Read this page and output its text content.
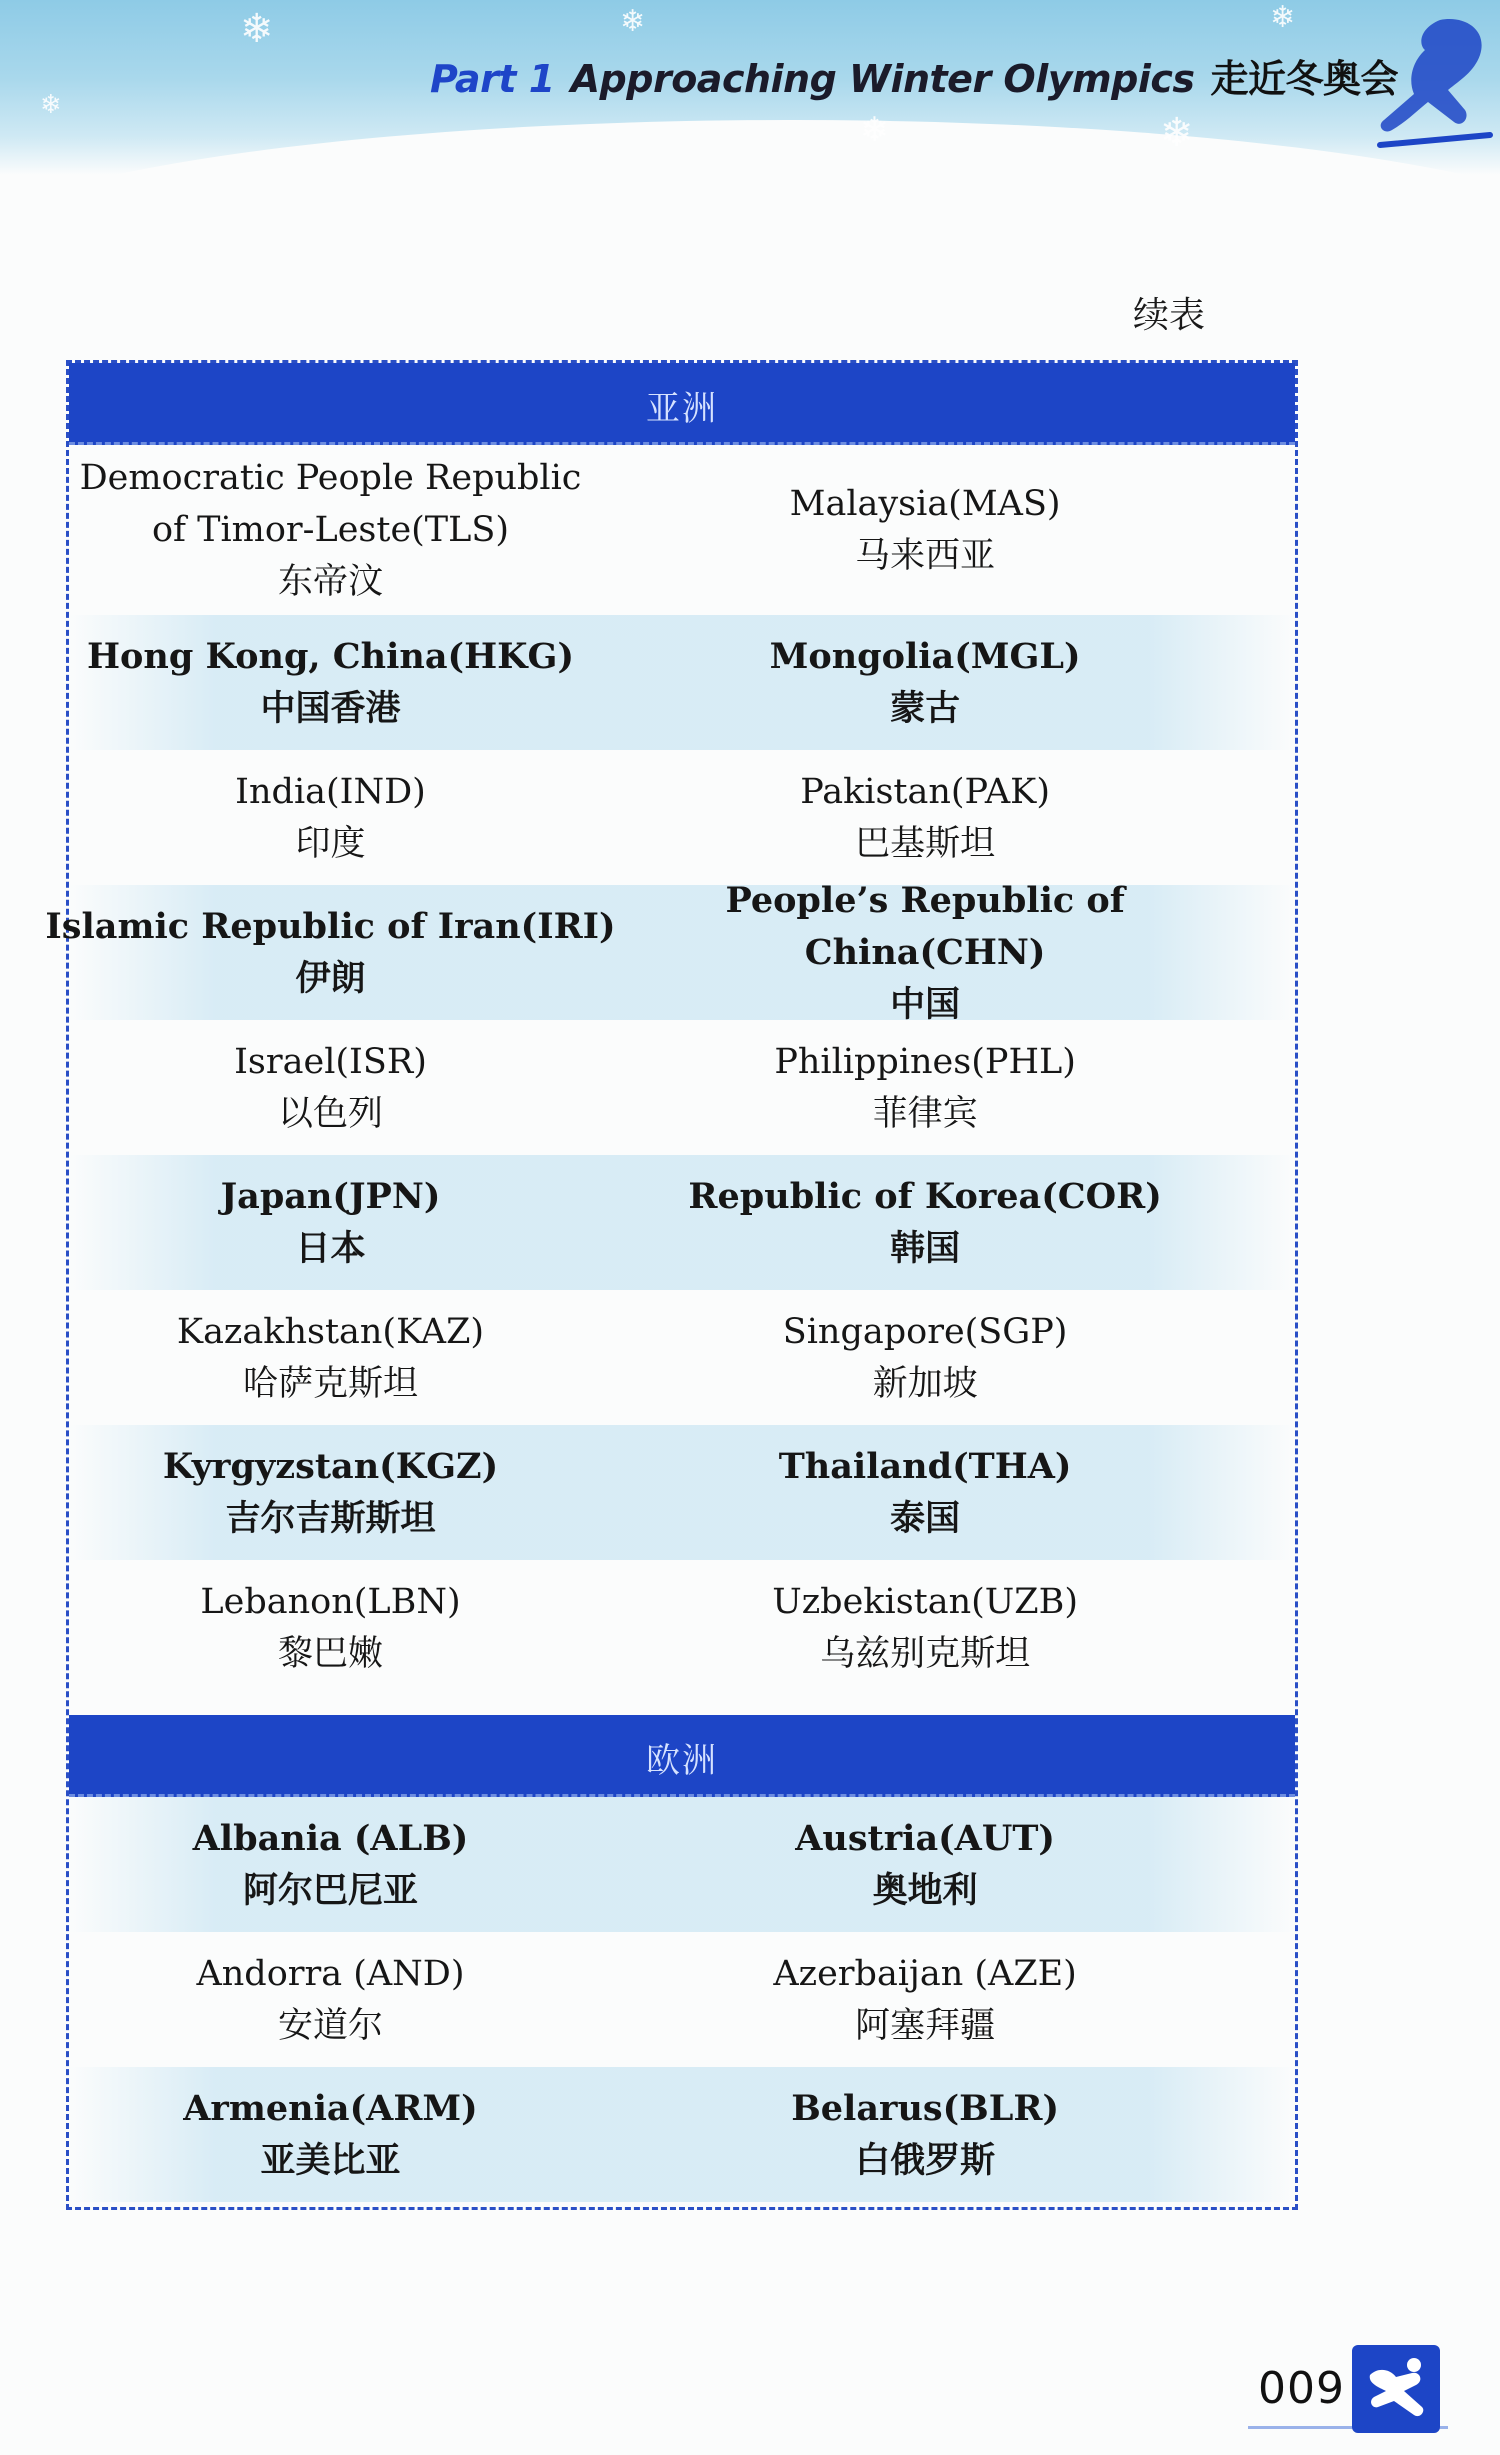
❄	❄
❄	❄
❄
❄
Part 1 Approaching Winter Olympics 走近冬奥会
续表
亚洲
Democratic People Republic of Timor-Leste(TLS)
东帝汶
Malaysia(MAS)
马来西亚
Hong Kong, China(HKG)
中国香港
Mongolia(MGL)
蒙古
India(IND)
印度
Pakistan(PAK)
巴基斯坦
Islamic Republic of Iran(IRI)
伊朗
People’s Republic of China(CHN)
中国
Israel(ISR)
以色列
Philippines(PHL)
菲律宾
Japan(JPN)
日本
Republic of Korea(COR)
韩国
Kazakhstan(KAZ)
哈萨克斯坦
Singapore(SGP)
新加坡
Kyrgyzstan(KGZ)
吉尔吉斯斯坦
Thailand(THA)
泰国
Lebanon(LBN)
黎巴嫩
Uzbekistan(UZB)
乌兹别克斯坦
欧洲
Albania (ALB)
阿尔巴尼亚
Austria(AUT)
奥地利
Andorra (AND)
安道尔
Azerbaijan (AZE)
阿塞拜疆
Armenia(ARM)
亚美比亚
Belarus(BLR)
白俄罗斯
009
